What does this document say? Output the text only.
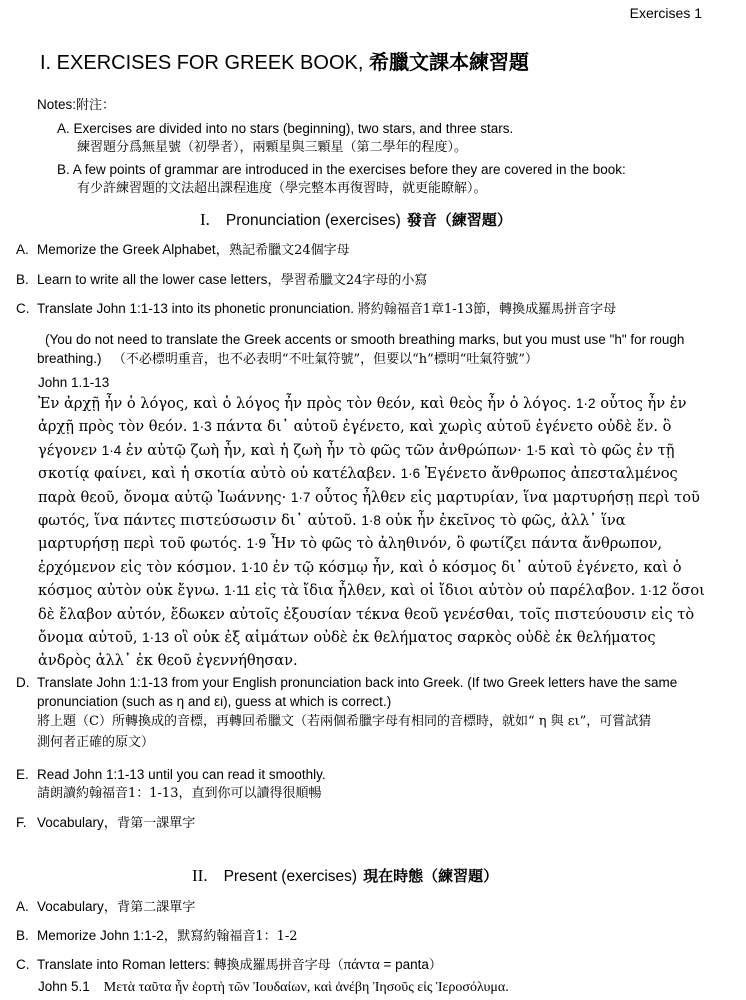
Exercises 1
I. EXERCISES FOR GREEK BOOK, 希臘文課本練習題
Notes:附注：
A. Exercises are divided into no stars (beginning), two stars, and three stars.
練習題分爲無星號（初學者），兩顆星與三顆星（第二學年的程度）。
B. A few points of grammar are introduced in the exercises before they are covered in the book:
有少許練習題的文法超出課程進度（學完整本再復習時，就更能瞭解）。
I. Pronunciation (exercises) 發音（練習題）
A. Memorize the Greek Alphabet，熟記希臘文24個字母
B. Learn to write all the lower case letters，學習希臘文24字母的小寫
C. Translate John 1:1-13 into its phonetic pronunciation. 將約翰福音1章1-13節，轉換成羅馬拼音字母
(You do not need to translate the Greek accents or smooth breathing marks, but you must use "h" for rough breathing.) （不必標明重音，也不必表明“不吐氣符號”，但要以“h”標明“吐氣符號”）
John 1.1-13
Ἐν ἀρχῇ ἦν ὁ λόγος, καὶ ὁ λόγος ἦν πρὸς τὸν θεόν, καὶ θεὸς ἦν ὁ λόγος. 1·2 οὗτος ἦν ἐν ἀρχῇ πρὸς τὸν θεόν. 1·3 πάντα δι᾽ αὐτοῦ ἐγένετο, καὶ χωρὶς αὐτοῦ ἐγένετο οὐδὲ ἕν. ὃ γέγονεν 1·4 ἐν αὐτῷ ζωὴ ἦν, καὶ ἡ ζωὴ ἦν τὸ φῶς τῶν ἀνθρώπων· 1·5 καὶ τὸ φῶς ἐν τῇ σκοτίᾳ φαίνει, καὶ ἡ σκοτία αὐτὸ οὐ κατέλαβεν. 1·6 Ἐγένετο ἄνθρωπος ἀπεσταλμένος παρὰ θεοῦ, ὄνομα αὐτῷ Ἰωάννης· 1·7 οὗτος ἦλθεν εἰς μαρτυρίαν, ἵνα μαρτυρήσῃ περὶ τοῦ φωτός, ἵνα πάντες πιστεύσωσιν δι᾽ αὐτοῦ. 1·8 οὐκ ἦν ἐκεῖνος τὸ φῶς, ἀλλ᾽ ἵνα μαρτυρήσῃ περὶ τοῦ φωτός. 1·9 Ἦν τὸ φῶς τὸ ἀληθινόν, ὃ φωτίζει πάντα ἄνθρωπον, ἐρχόμενον εἰς τὸν κόσμον. 1·10 ἐν τῷ κόσμῳ ἦν, καὶ ὁ κόσμος δι᾽ αὐτοῦ ἐγένετο, καὶ ὁ κόσμος αὐτὸν οὐκ ἔγνω. 1·11 εἰς τὰ ἴδια ἦλθεν, καὶ οἱ ἴδιοι αὐτὸν οὐ παρέλαβον. 1·12 ὅσοι δὲ ἔλαβον αὐτόν, ἔδωκεν αὐτοῖς ἐξουσίαν τέκνα θεοῦ γενέσθαι, τοῖς πιστεύουσιν εἰς τὸ ὄνομα αὐτοῦ, 1·13 οἳ οὐκ ἐξ αἱμάτων οὐδὲ ἐκ θελήματος σαρκὸς οὐδὲ ἐκ θελήματος ἀνδρὸς ἀλλ᾽ ἐκ θεοῦ ἐγεννήθησαν.
D. Translate John 1:1-13 from your English pronunciation back into Greek. (If two Greek letters have the same
pronunciation (such as η and ει), guess at which is correct.)
將上題（C）所轉換成的音標，再轉回希臘文（若兩個希臘字母有相同的音標時，就如“ η 與 ει”，可嘗試猜
測何者正確的原文）
E. Read John 1:1-13 until you can read it smoothly.
請朗讀約翰福音1：1-13，直到你可以讀得很順暢
F. Vocabulary，背第一課單字
II. Present (exercises) 現在時態（練習題）
A. Vocabulary，背第二課單字
B. Memorize John 1:1-2，默寫約翰福音1：1-2
C. Translate into Roman letters: 轉換成羅馬拼音字母（πάντα = panta）
John 5.1 Μετὰ ταῦτα ἦν ἑορτὴ τῶν Ἰουδαίων, καὶ ἀνέβη Ἰησοῦς εἰς Ἱεροσόλυμα.
